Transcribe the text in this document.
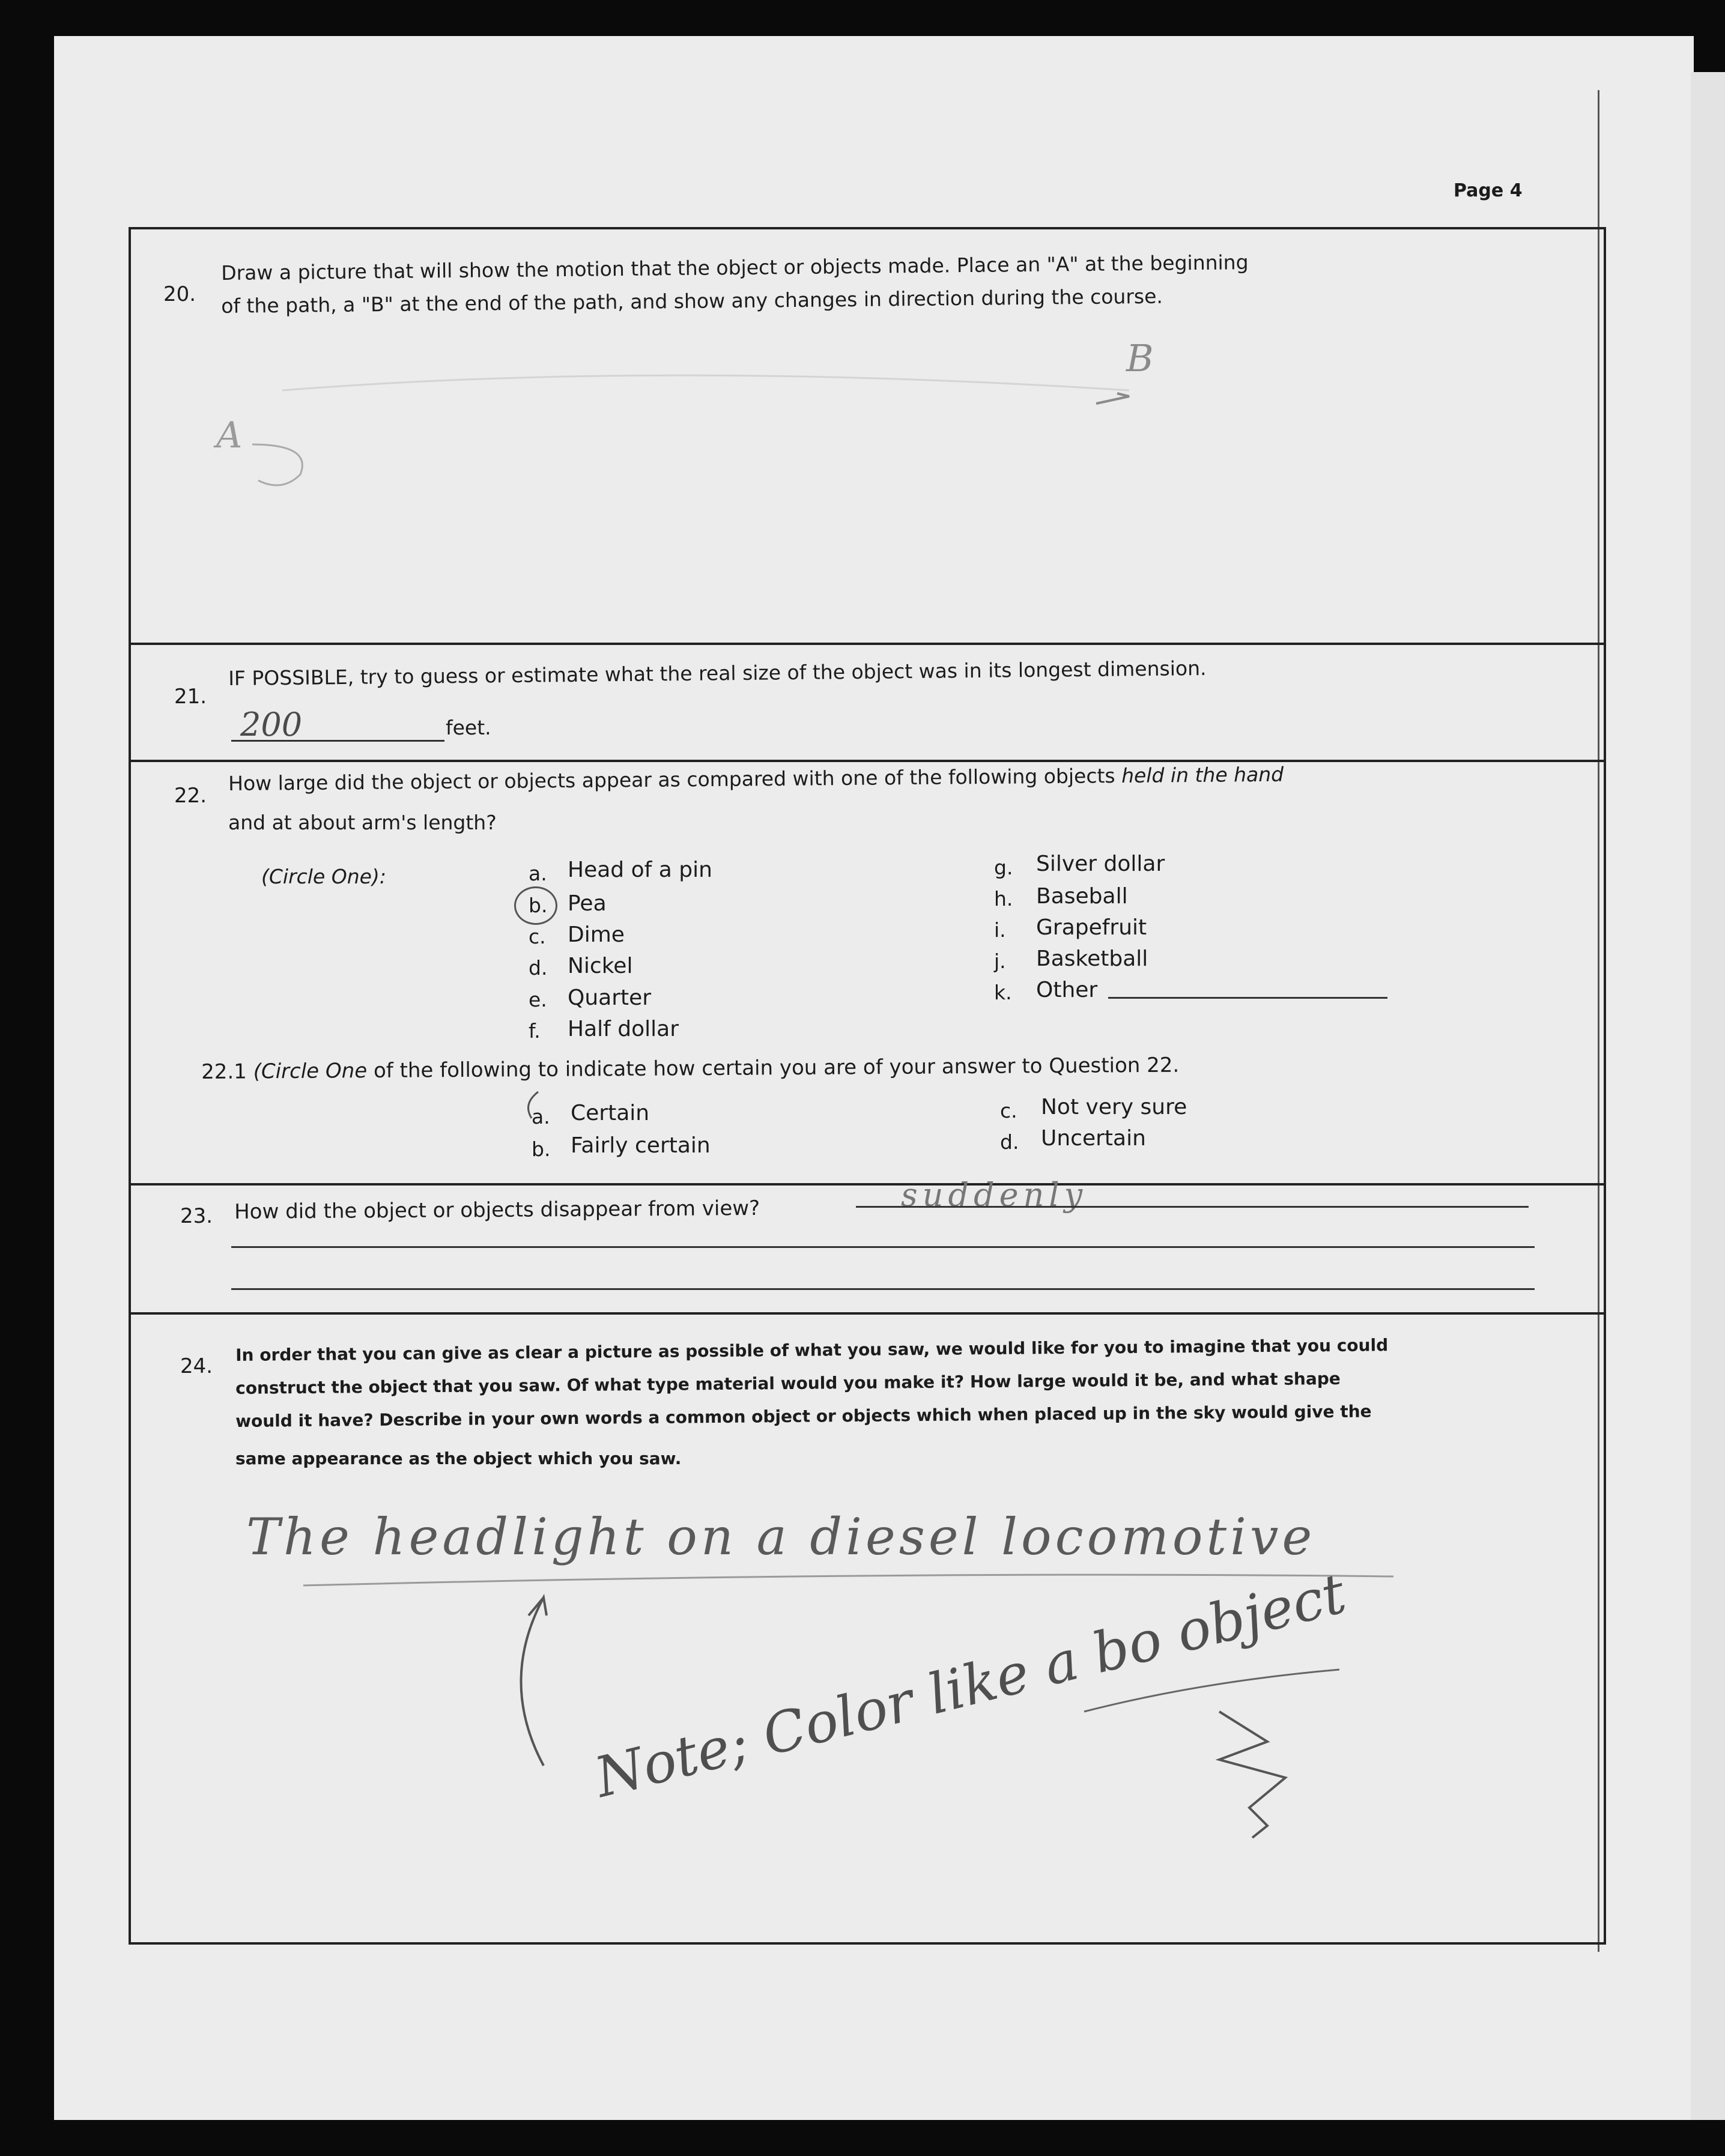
Page 4
20.
Draw a picture that will show the motion that the object or objects made. Place an "A" at the beginning
of the path, a "B" at the end of the path, and show any changes in direction during the course.
A
B
21.
IF POSSIBLE, try to guess or estimate what the real size of the object was in its longest dimension.
200	feet.
22.
How large did the object or objects appear as compared with one of the following objects held in the hand
and at about arm's length?
(Circle One):	a. Head of a pin
b. Pea
c. Dime
d. Nickel
e. Quarter
f. Half dollar
g. Silver dollar
h. Baseball
i. Grapefruit
j. Basketball
k. Other
22.1 (Circle One of the following to indicate how certain you are of your answer to Question 22.
a. Certain
b. Fairly certain
c. Not very sure
d. Uncertain
23. How did the object or objects disappear from view?	suddenly
24.
In order that you can give as clear a picture as possible of what you saw, we would like for you to imagine that you could
construct the object that you saw. Of what type material would you make it? How large would it be, and what shape
would it have? Describe in your own words a common object or objects which when placed up in the sky would give the
same appearance as the object which you saw.
The headlight on a diesel locomotive
Note; Color like a bo object
